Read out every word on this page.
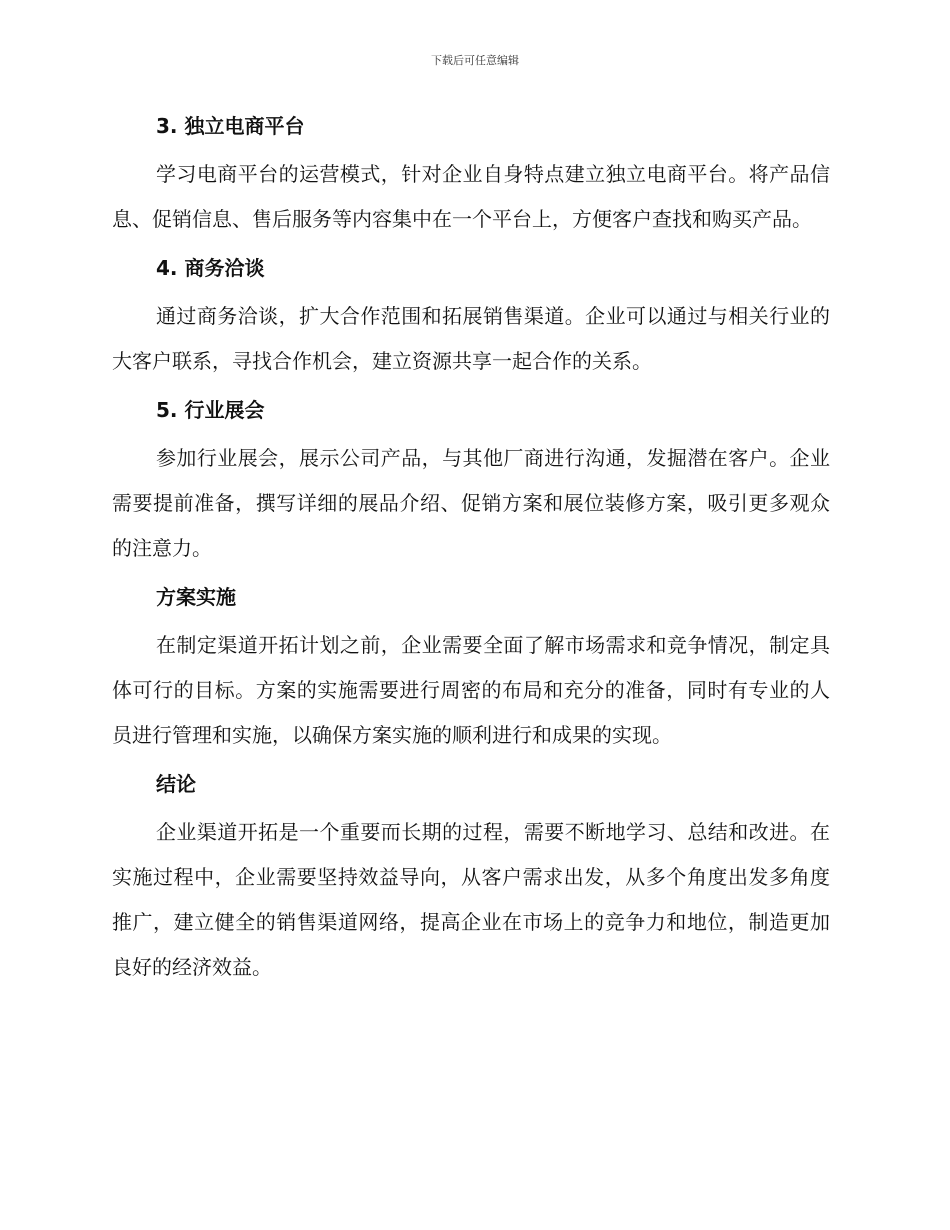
下载后可任意编辑
3. 独立电商平台

学习电商平台的运营模式，针对企业自身特点建立独立电商平台。将产品信息、促销信息、售后服务等内容集中在一个平台上，方便客户查找和购买产品。

4. 商务洽谈

通过商务洽谈，扩大合作范围和拓展销售渠道。企业可以通过与相关行业的大客户联系，寻找合作机会，建立资源共享一起合作的关系。

5. 行业展会

参加行业展会，展示公司产品，与其他厂商进行沟通，发掘潜在客户。企业需要提前准备，撰写详细的展品介绍、促销方案和展位装修方案，吸引更多观众的注意力。

方案实施

在制定渠道开拓计划之前，企业需要全面了解市场需求和竞争情况，制定具体可行的目标。方案的实施需要进行周密的布局和充分的准备，同时有专业的人员进行管理和实施，以确保方案实施的顺利进行和成果的实现。

结论

企业渠道开拓是一个重要而长期的过程，需要不断地学习、总结和改进。在实施过程中，企业需要坚持效益导向，从客户需求出发，从多个角度出发多角度推广，建立健全的销售渠道网络，提高企业在市场上的竞争力和地位，制造更加良好的经济效益。
